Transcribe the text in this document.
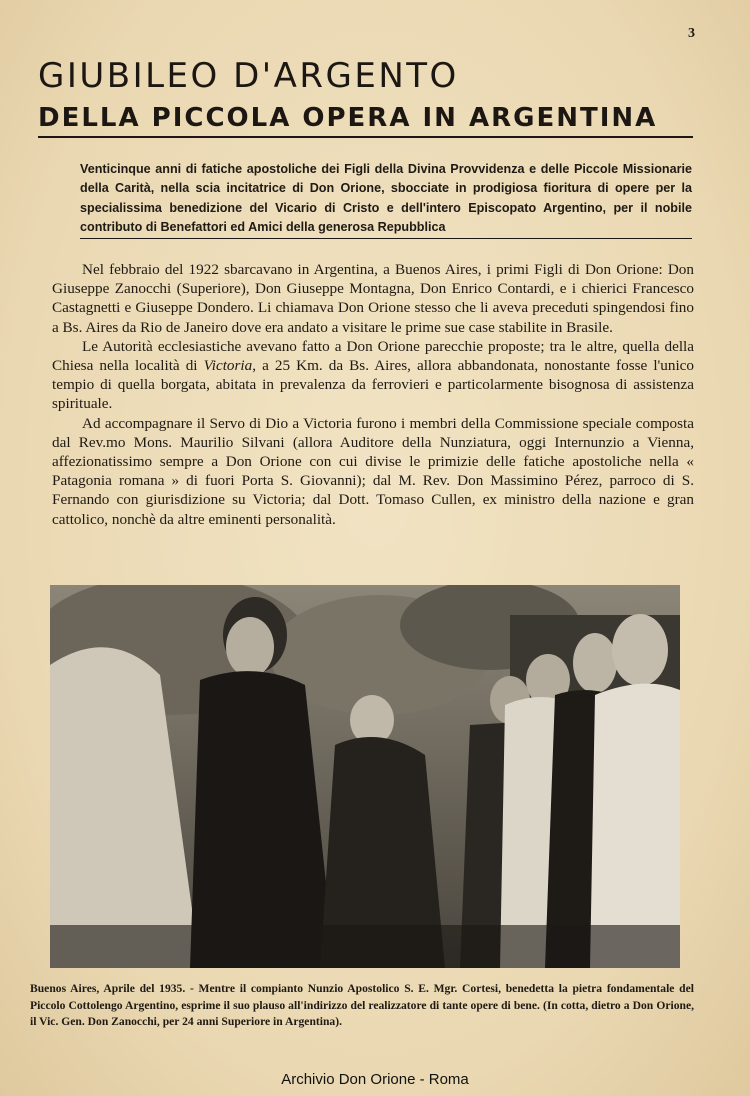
3
GIUBILEO D'ARGENTO
DELLA PICCOLA OPERA IN ARGENTINA

Venticinque anni di fatiche apostoliche dei Figli della Divina Provvidenza e delle Piccole Missionarie della Carità, nella scia incitatrice di Don Orione, sbocciate in prodigiosa fioritura di opere per la specialissima benedizione del Vicario di Cristo e dell'intero Episcopato Argentino, per il nobile contributo di Benefattori ed Amici della generosa Repubblica

Nel febbraio del 1922 sbarcavano in Argentina, a Buenos Aires, i primi Figli di Don Orione: Don Giuseppe Zanocchi (Superiore), Don Giuseppe Montagna, Don Enrico Contardi, e i chierici Francesco Castagnetti e Giuseppe Dondero. Li chiamava Don Orione stesso che li aveva preceduti spingendosi fino a Bs. Aires da Rio de Janeiro dove era andato a visitare le prime sue case stabilite in Brasile.

Le Autorità ecclesiastiche avevano fatto a Don Orione parecchie proposte; tra le altre, quella della Chiesa nella località di Victoria, a 25 Km. da Bs. Aires, allora abbandonata, nonostante fosse l'unico tempio di quella borgata, abitata in prevalenza da ferrovieri e particolarmente bisognosa di assistenza spirituale.

Ad accompagnare il Servo di Dio a Victoria furono i membri della Commissione speciale composta dal Rev.mo Mons. Maurilio Silvani (allora Auditore della Nunziatura, oggi Internunzio a Vienna, affezionatissimo sempre a Don Orione con cui divise le primizie delle fatiche apostoliche nella « Patagonia romana » di fuori Porta S. Giovanni); dal M. Rev. Don Massimino Pérez, parroco di S. Fernando con giurisdizione su Victoria; dal Dott. Tomaso Cullen, ex ministro della nazione e gran cattolico, nonchè da altre eminenti personalità.

Buenos Aires, Aprile del 1935. - Mentre il compianto Nunzio Apostolico S. E. Mgr. Cortesi, benedetta la pietra fondamentale del Piccolo Cottolengo Argentino, esprime il suo plauso all'indirizzo del realizzatore di tante opere di bene. (In cotta, dietro a Don Orione, il Vic. Gen. Don Zanocchi, per 24 anni Superiore in Argentina).

Archivio Don Orione - Roma
